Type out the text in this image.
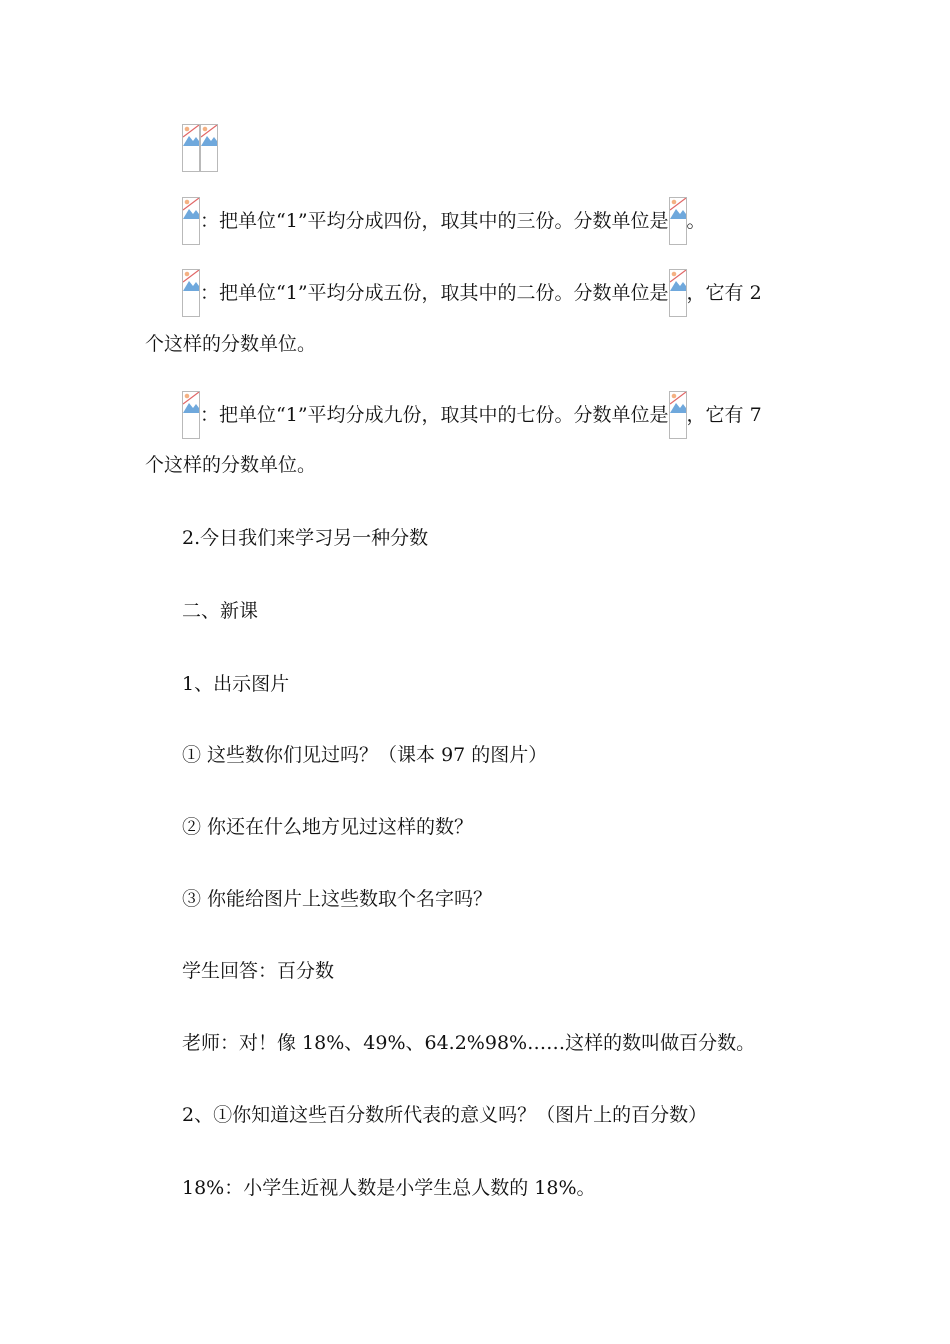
： 把单位“1”平均分成四份，取其中的三份。分数单位是 。
： 把单位“1”平均分成五份，取其中的二份。分数单位是 ，它有 2
个这样的分数单位。
： 把单位“1”平均分成九份，取其中的七份。分数单位是 ，它有 7
个这样的分数单位。
2.今日我们来学习另一种分数
二、新课
1、出示图片
① 这些数你们见过吗？（课本 97 的图片）
② 你还在什么地方见过这样的数？
③ 你能给图片上这些数取个名字吗？
学生回答：百分数
老师：对！像 18%、49%、64.2%98%……这样的数叫做百分数。
2、①你知道这些百分数所代表的意义吗？（图片上的百分数）
18%：小学生近视人数是小学生总人数的 18%。
